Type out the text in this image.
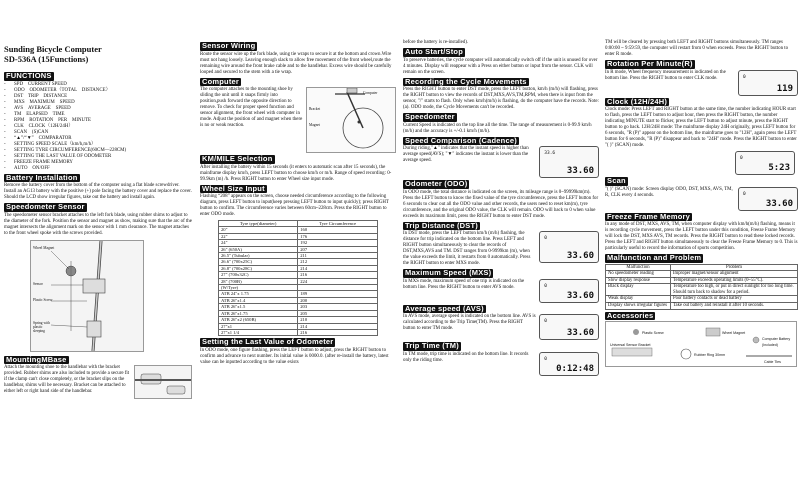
Sunding Bicycle Computer
SD-536A (15Functions)
FUNCTIONS
- SPD　CURRENT SPEED
- ODO　ODOMETER（TOTAL　DISTANCE）
- DST　TRIP　DISTANCE
- MXS　MAXIMUM　SPEED
- AVS　AVERAGE　SPEED
- TM　ELAPSED　TIME
- RPM　ROTATION　PER　MINUTE
- CLK　CLOCK（12H/24H）
- SCAN　(S)CAN
- “▲”/“▼”　COMPARATOR
- SETTING SPEED SCALE（km/h,m/h）
- SETTING TYRE CIRCUMFERENCE(60CM—228CM)
- SETTING THE LAST VALUE OF ODOMETER
- FREEZE FRAME MEMORY
- AUTO　ON/OFF
Battery Installation

Remove the battery cover from the bottom of the computer using a flat blade screwdriver. Install an AG13 battery with the positive (+) pole facing the battery cover and replace the cover. Should the LCD show irregular figures, take out the battery and install again.

Speedometer Sensor

The speedometer sensor bracket attaches to the left fork blade, using rubber shims to adjust to the diameter of the fork. Position the sensor and magnet as show, making sure that the arc of the magnet intersects the alignment mark on the sensor with 1 mm clearance. The magnet attaches to the front wheel spoke with the screws provided.

Wheel Magnet
Sensor
Plastic Screw
Spring with plastic sleeping
MountingMBase

Attach the mounting shoe to the handlebar with the bracket provided. Rubber shims are also included to provide a secure fit if the clamp can't close completely, or the bracket slips on the handlebar, shims will be necessary. Bracket can be attached to either left or right hand side of the handlebar.

Sensor Wiring

Route the sensor wire up the fork blade, using tie wraps to secure it at the bottom and crown.Wire must not hang loosely. Leaving enough slack to allow free movement of the front wheel,route the remaining wire around the front brake cable and to the handlebar. Excess wire should be carefully looped and secured to the stem with a tie wrap.

Computer

The computer attaches to the mounting shoe by sliding the unit until it snaps firmly into position,push forward the opposite direction to remove. To check for proper speed function and sensor alignment, the front wheel with computer in mode. Adjust the position of and magnet when there is no or weak reaction.

Computer
Bracket
Magnet
KM/MILE Selection

After installing the battery within 15 seconds (it enters to automatic scan after 15 seconds), the mainframe display km/h, press LEFT button to choose km/h or m/h. Range of speed recording: 0-99.9km (m) /h. Press RIGHT button to enter Wheel size input mode.

Wheel Size Input

Flashing “208” appears on the screen, choose needed circumference according to the following diagram, press LEFT button to input(keep pressing LEFT button to input quickly); press RIGHT button to confirm. The circumference varies between 60cm~228cm. Press the RIGHT button to enter ODO mode.

Tyre type(diameter)	Tyre Circumference
20"	160
22"	176
24"	192
26" (650A)	207
26.5" (Tubular)	211
26.6" (700x25C)	212
26.8" (700x28C)	214
27" (700x32C)	216
28" (700B)	224
(W/Tyre)	
ATB 24"x 1.75	189
ATB 26"x1.4	200
ATB 26"x1.5	203
ATB 26"x1.75	205
ATB 26"x2 (650B)	210
27"x1	214
27"x1 1/4	216
Setting the Last Value of Odometer

In ODO mode, one figure flashing, press the LEFT button to adjust, press the RIGHT button to confirm and advance to next number. Its initial value is 0000.0. (after re-install the battery, latest value can be inputted according to the value exists

before the battery is re-installed).

Auto Start/Stop

To preserve batteries, the cycle computer will automatically switch off if the unit is unused for over 4 minutes. Display will reappear with a Press on either button or input from the sensor. CLK will remain on the screen.

Recording the Cycle Movements

Press the RIGHT button to enter DST mode, press the LEFT button, km/h (m/h) will flashing, press the RIGHT button to view the records of DST,MXS,AVS,TM,RPM, when there is input from the sensor, "/" starts to flash. Only when km/h(m/h) is flashing, do the computer have the records. Note: (a). ODO mode, the Cycle Movements can't be recorded.

Speedometer

Current Speed is indicated on the top line all the time. The range of measurement is 0-99.9 km/h (m/h) and the accuracy is +/-0.1 km/h (m/h).

Speed Comparison (Cadence)

During riding,"▲" indicates that the instant speed is higher than average speed(AVS); "▼" indicates the instant is lower than the average speed.

33.6
33.60
Odometer (ODO)

In ODO mode, the total distance is indicated on the screen, its mileage range is 0~99999km(m). Press the LEFT button to know the fixed value of the tyre circumference, press the LEFT button for 6 seconds to clear out all the ODO value and other records, the users need to reset km(m), tyre circumference, and the original ODO value, the CLK will remain. ODO will back to 0 when value exceeds its maximum limit, press the RIGHT button to enter DST mode.

Trip Distance (DST)

In DST mode, press the LEFT button km/h (m/h) flashing, the distance for trip indicated on the bottom line. Press LEFT and RIGHT button simultaneously to clear the records of DST,MXS,AVS and TM. DST ranges from 0-9999km (m), when the value exceeds the limit, it restarts from 0 automatically. Press the RIGHT button to enter MXS mode.

0
33.60
Maximum Speed (MXS)

In MXS mode, maximum speed of one trip is indicated on the bottom line. Press the RIGHT button to enter AVS mode.	0
33.60
Average speed (AVS)

In AVS mode, average speed is indicated on the bottom line. AVS is calculated according to the Trip Time(TM). Press the RIGHT button to enter TM mode.

0
33.60
Trip Time (TM)

In TM mode, trip time is indicated on the bottom line. It records only the riding time.	0
0:12:48

TM will be cleared by pressing both LEFT and RIGHT buttons simultaneously. TM ranges 0:00:00 ~ 9:59:59, the computer will restart from 0 when exceeds. Press the RIGHT button to enter R mode.

Rotation Per Minute(R)

In R mode, Wheel frequency measurement is indicated on the bottom line. Press the RIGHT button to enter CLK mode.	0
119
Clock (12H/24H)

Clock mode: Press LEFT and RIGHT button at the same time, the number indicating HOUR start to flash, press the LEFT button to adjust hour, then press the RIGHT button, the number indicating MINUTE start to flicker, press the LEFT button to adjust minute, press the RIGHT button to go back. 12H/24H mode: The mainframe display 24H originally, press LEFT button for 6 seconds, "R (P)" appear on the bottom line, the mainframe goes to "12H", again press the LEFT button for 6 seconds, "R (P)" disappear and back to "24H" mode. Press the RIGHT button to enter "( )" (SCAN) mode.

0
5:23

Scan

"( )" (SCAN) mode: Screen display ODO, DST, MXS, AVS, TM, R, CLK every 4 seconds.	0
33.60
Freeze Frame Memory

In any mode of DST, MXS, AVS, TM, when computer display with km/h(m/h) flashing, means it is recording cycle movement, press the LEFT button under this condition, Freeze Frame Memory will lock the DST, MXS AVS, TM records. Press the RIGHT button to read these locked records. Press the LEFT and RIGHT button simultaneously to clear the Freeze Frame Memory to 0. This is particularly useful to record the information of sports competition.

Malfunction and Problem
Malfunction	Problem
No speedometer reading	Improper magnet/sensor alignment
Slow display response	Temperature exceeds operating limits (0~55°C).
Black display	Temperature too high, or put in direct sunlight for too long time. Should turn back to shadow for a period.
Weak display	Poor battery contacts or dead battery
Display shows irregular figures	Take out battery and reinstall it after 10 seconds.
Accessories
Plastic Screw	Wheel Magnet
Universal Sensor Bracket
Rubber Ring 30mm
Computer Battery (Included)
Cable Ties
